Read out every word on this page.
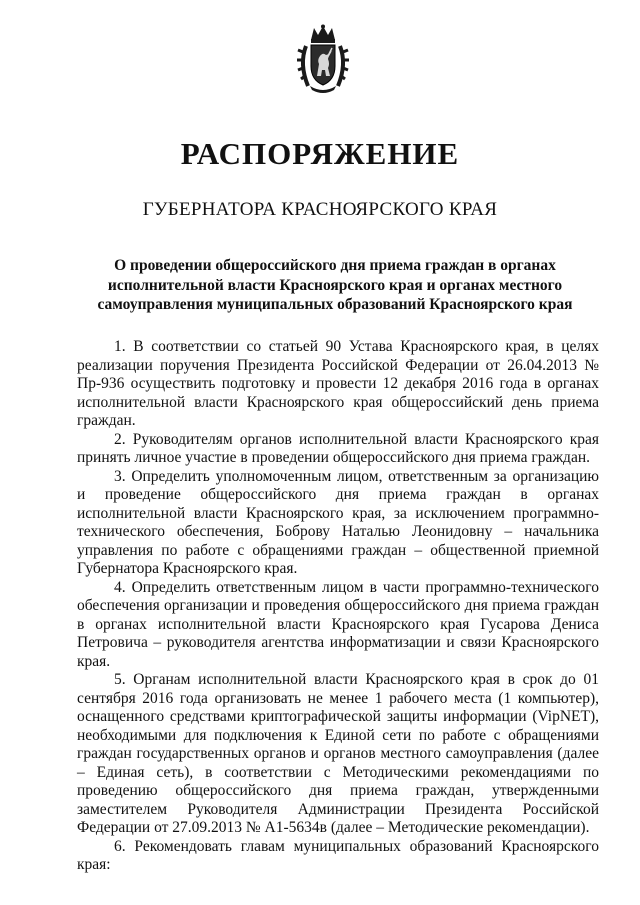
РАСПОРЯЖЕНИЕ
ГУБЕРНАТОРА КРАСНОЯРСКОГО КРАЯ
О проведении общероссийского дня приема граждан в органах
исполнительной власти Красноярского края и органах местного
самоуправления муниципальных образований Красноярского края

1. В соответствии со статьей 90 Устава Красноярского края, в целях реализации поручения Президента Российской Федерации от 26.04.2013 № Пр-936 осуществить подготовку и провести 12 декабря 2016 года в органах исполнительной власти Красноярского края общероссийский день приема граждан.

2. Руководителям органов исполнительной власти Красноярского края принять личное участие в проведении общероссийского дня приема граждан.

3. Определить уполномоченным лицом, ответственным за организацию и проведение общероссийского дня приема граждан в органах исполнительной власти Красноярского края, за исключением программно-технического обеспечения, Боброву Наталью Леонидовну – начальника управления по работе с обращениями граждан – общественной приемной Губернатора Красноярского края.

4. Определить ответственным лицом в части программно-технического обеспечения организации и проведения общероссийского дня приема граждан в органах исполнительной власти Красноярского края Гусарова Дениса Петровича – руководителя агентства информатизации и связи Красноярского края.

5. Органам исполнительной власти Красноярского края в срок до 01 сентября 2016 года организовать не менее 1 рабочего места (1 компьютер), оснащенного средствами криптографической защиты информации (VipNET), необходимыми для подключения к Единой сети по работе с обращениями граждан государственных органов и органов местного самоуправления (далее – Единая сеть), в соответствии с Методическими рекомендациями по проведению общероссийского дня приема граждан, утвержденными заместителем Руководителя Администрации Президента Российской Федерации от 27.09.2013 № А1-5634в (далее – Методические рекомендации).

6. Рекомендовать главам муниципальных образований Красноярского края:
